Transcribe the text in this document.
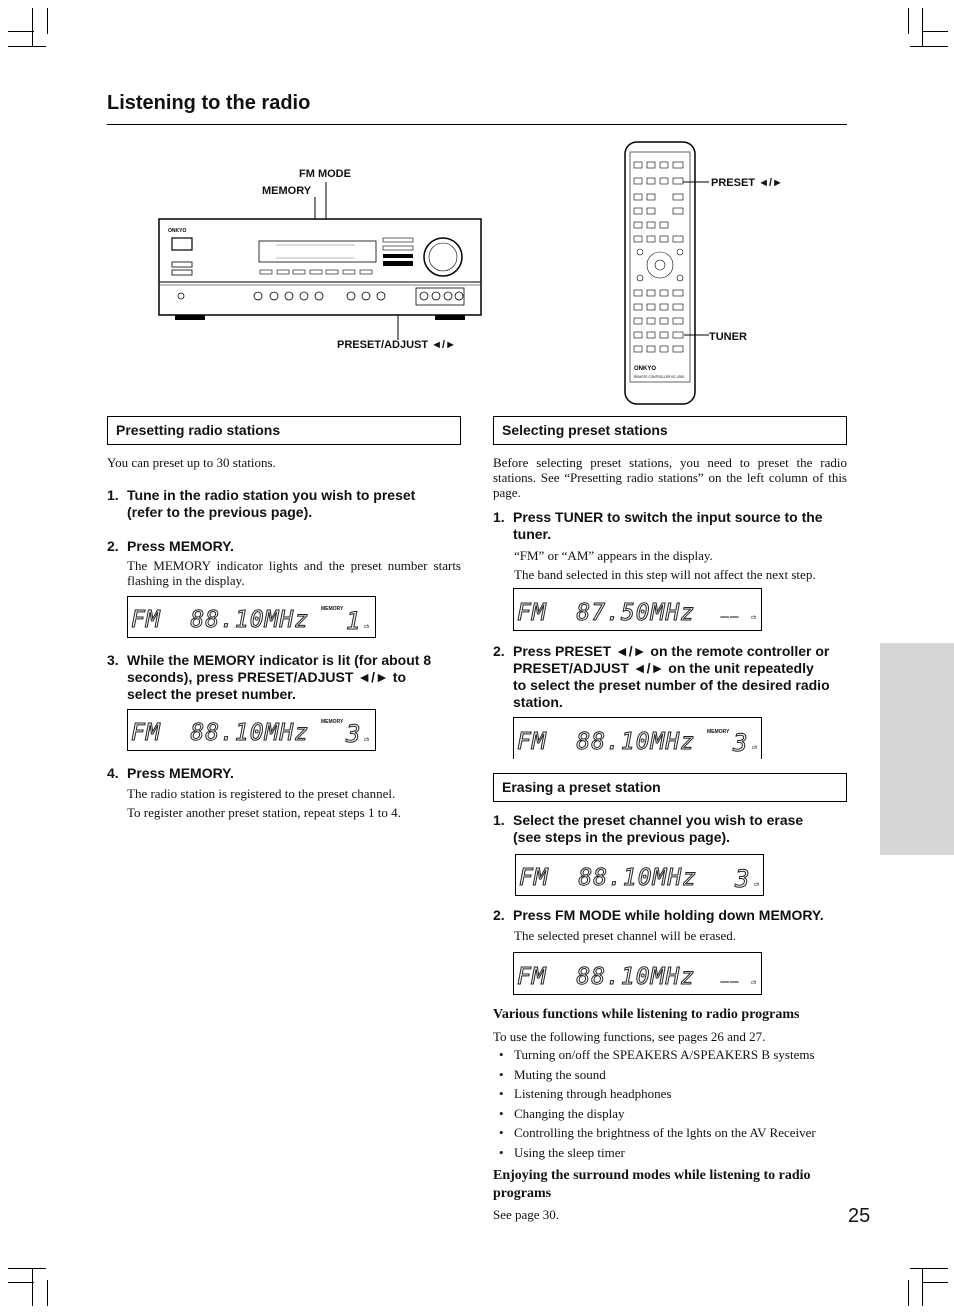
Listening to the radio
FM MODE
MEMORY
PRESET/ADJUST ◄/►
ONKYO
PRESET ◄/►
TUNER
ONKYO
REMOTE CONTROLLER RC-476S
Presetting radio stations
You can preset up to 30 stations.
1. Tune in the radio station you wish to preset
(refer to the previous page).
2. Press MEMORY.
The MEMORY indicator lights and the preset number starts flashing in the display.
MEMORY
FM  88.10MHz 1 ch
3. While the MEMORY indicator is lit (for about 8
seconds), press PRESET/ADJUST ◄/► to
select the preset number.
MEMORY
FM  88.10MHz 3 ch
4. Press MEMORY.
The radio station is registered to the preset channel.
To register another preset station, repeat steps 1 to 4.
Selecting preset stations
Before selecting preset stations, you need to preset the radio stations. See “Presetting radio stations” on the left column of this page.
1. Press TUNER to switch the input source to the
tuner.
“FM” or “AM” appears in the display.
The band selected in this step will not affect the next step.
FM  87.50MHz	----- -----	ch
2. Press PRESET ◄/► on the remote controller or
PRESET/ADJUST ◄/► on the unit repeatedly
to select the preset number of the desired radio
station.
MEMORY
FM  88.10MHz 3 ch
Erasing a preset station
1. Select the preset channel you wish to erase
(see steps in the previous page).
FM  88.10MHz 3 ch
2. Press FM MODE while holding down MEMORY.
The selected preset channel will be erased.
FM  88.10MHz	----- -----	ch
Various functions while listening to radio programs
To use the following functions, see pages 26 and 27.
• Turning on/off the SPEAKERS A/SPEAKERS B systems
• Muting the sound
• Listening through headphones
• Changing the display
• Controlling the brightness of the lghts on the AV Receiver
• Using the sleep timer
Enjoying the surround modes while listening to radio
programs
See page 30.	25
